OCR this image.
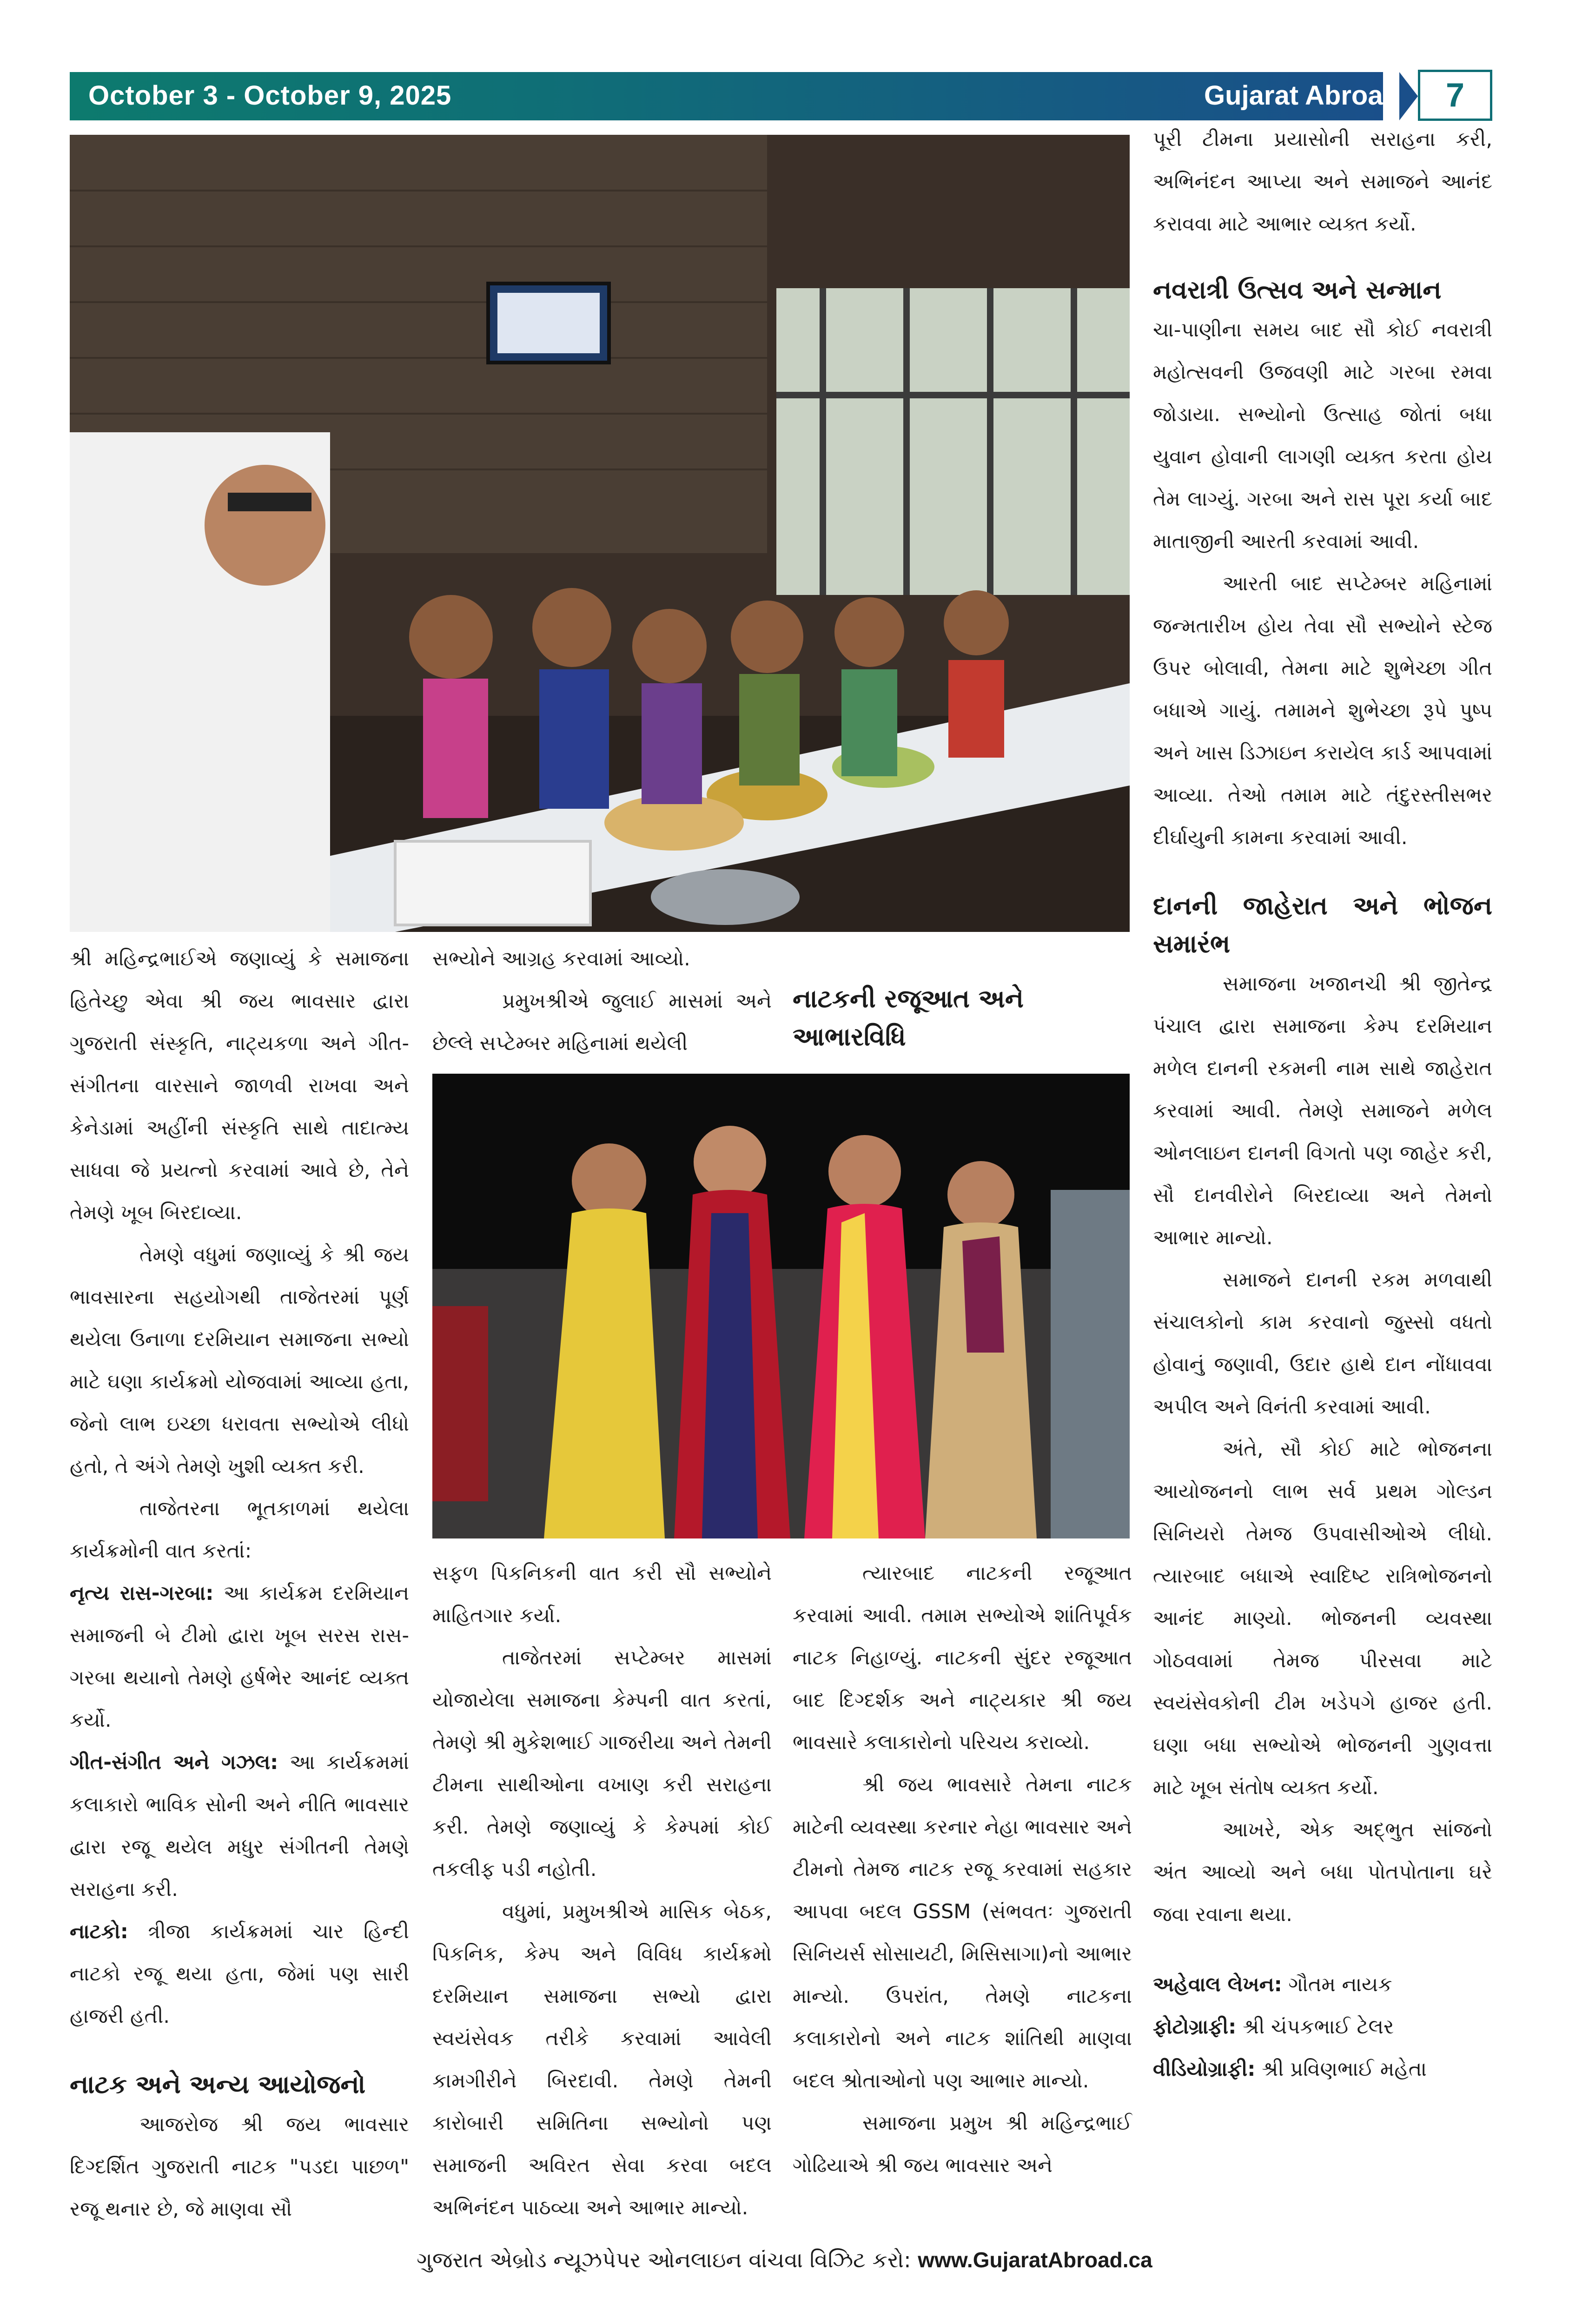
October 3 - October 9, 2025	Gujarat Abroad 7

શ્રી મહિન્દ્રભાઈએ જણાવ્યું કે સમાજના હિતેચ્છુ એવા શ્રી જય ભાવસાર દ્વારા ગુજરાતી સંસ્કૃતિ, નાટ્યકળા અને ગીત-સંગીતના વારસાને જાળવી રાખવા અને કેનેડામાં અહીંની સંસ્કૃતિ સાથે તાદાત્મ્ય સાધવા જે પ્રયત્નો કરવામાં આવે છે, તેને તેમણે ખૂબ બિરદાવ્યા.

તેમણે વધુમાં જણાવ્યું કે શ્રી જય ભાવસારના સહયોગથી તાજેતરમાં પૂર્ણ થયેલા ઉનાળા દરમિયાન સમાજના સભ્યો માટે ઘણા કાર્યક્રમો યોજવામાં આવ્યા હતા, જેનો લાભ ઇચ્છા ધરાવતા સભ્યોએ લીધો હતો, તે અંગે તેમણે ખુશી વ્યક્ત કરી.

તાજેતરના ભૂતકાળમાં થયેલા કાર્યક્રમોની વાત કરતાં:

નૃત્ય રાસ-ગરબા: આ કાર્યક્રમ દરમિયાન સમાજની બે ટીમો દ્વારા ખૂબ સરસ રાસ-ગરબા થયાનો તેમણે હર્ષભેર આનંદ વ્યક્ત કર્યો.

ગીત-સંગીત અને ગઝલ: આ કાર્યક્રમમાં કલાકારો ભાવિક સોની અને નીતિ ભાવસાર દ્વારા રજૂ થયેલ મધુર સંગીતની તેમણે સરાહના કરી.

નાટકો: ત્રીજા કાર્યક્રમમાં ચાર હિન્દી નાટકો રજૂ થયા હતા, જેમાં પણ સારી હાજરી હતી.

નાટક અને અન્ય આયોજનો

આજરોજ શ્રી જય ભાવસાર દિગ્દર્શિત ગુજરાતી નાટક "પડદા પાછળ" રજૂ થનાર છે, જે માણવા સૌ

સભ્યોને આગ્રહ કરવામાં આવ્યો.

પ્રમુખશ્રીએ જુલાઈ માસમાં અને છેલ્લે સપ્ટેમ્બર મહિનામાં થયેલી

નાટકની રજૂઆત અને આભારવિધિ

સફળ પિકનિકની વાત કરી સૌ સભ્યોને માહિતગાર કર્યા.

તાજેતરમાં સપ્ટેમ્બર માસમાં યોજાયેલા સમાજના કેમ્પની વાત કરતાં, તેમણે શ્રી મુકેશભાઈ ગાજરીયા અને તેમની ટીમના સાથીઓના વખાણ કરી સરાહના કરી. તેમણે જણાવ્યું કે કેમ્પમાં કોઈ તકલીફ પડી નહોતી.

વધુમાં, પ્રમુખશ્રીએ માસિક બેઠક, પિકનિક, કેમ્પ અને વિવિધ કાર્યક્રમો દરમિયાન સમાજના સભ્યો દ્વારા સ્વયંસેવક તરીકે કરવામાં આવેલી કામગીરીને બિરદાવી. તેમણે તેમની કારોબારી સમિતિના સભ્યોનો પણ સમાજની અવિરત સેવા કરવા બદલ અભિનંદન પાઠવ્યા અને આભાર માન્યો.

ત્યારબાદ નાટકની રજૂઆત કરવામાં આવી. તમામ સભ્યોએ શાંતિપૂર્વક નાટક નિહાળ્યું. નાટકની સુંદર રજૂઆત બાદ દિગ્દર્શક અને નાટ્યકાર શ્રી જય ભાવસારે કલાકારોનો પરિચય કરાવ્યો.

શ્રી જય ભાવસારે તેમના નાટક માટેની વ્યવસ્થા કરનાર નેહા ભાવસાર અને ટીમનો તેમજ નાટક રજૂ કરવામાં સહકાર આપવા બદલ GSSM (સંભવતઃ ગુજરાતી સિનિયર્સ સોસાયટી, મિસિસાગા)નો આભાર માન્યો. ઉપરાંત, તેમણે નાટકના કલાકારોનો અને નાટક શાંતિથી માણવા બદલ શ્રોતાઓનો પણ આભાર માન્યો.

સમાજના પ્રમુખ શ્રી મહિન્દ્રભાઈ ગોઢિયાએ શ્રી જય ભાવસાર અને

પૂરી ટીમના પ્રયાસોની સરાહના કરી, અભિનંદન આપ્યા અને સમાજને આનંદ કરાવવા માટે આભાર વ્યક્ત કર્યો.

નવરાત્રી ઉત્સવ અને સન્માન

ચા-પાણીના સમય બાદ સૌ કોઈ નવરાત્રી મહોત્સવની ઉજવણી માટે ગરબા રમવા જોડાયા. સભ્યોનો ઉત્સાહ જોતાં બધા યુવાન હોવાની લાગણી વ્યક્ત કરતા હોય તેમ લાગ્યું. ગરબા અને રાસ પૂરા કર્યા બાદ માતાજીની આરતી કરવામાં આવી.

આરતી બાદ સપ્ટેમ્બર મહિનામાં જન્મતારીખ હોય તેવા સૌ સભ્યોને સ્ટેજ ઉપર બોલાવી, તેમના માટે શુભેચ્છા ગીત બધાએ ગાયું. તમામને શુભેચ્છા રૂપે પુષ્પ અને ખાસ ડિઝાઇન કરાયેલ કાર્ડ આપવામાં આવ્યા. તેઓ તમામ માટે તંદુરસ્તીસભર દીર્ઘાયુની કામના કરવામાં આવી.

દાનની જાહેરાત અને ભોજન સમારંભ

સમાજના ખજાનચી શ્રી જીતેન્દ્ર પંચાલ દ્વારા સમાજના કેમ્પ દરમિયાન મળેલ દાનની રકમની નામ સાથે જાહેરાત કરવામાં આવી. તેમણે સમાજને મળેલ ઓનલાઇન દાનની વિગતો પણ જાહેર કરી, સૌ દાનવીરોને બિરદાવ્યા અને તેમનો આભાર માન્યો.

સમાજને દાનની રકમ મળવાથી સંચાલકોનો કામ કરવાનો જુસ્સો વધતો હોવાનું જણાવી, ઉદાર હાથે દાન નોંધાવવા અપીલ અને વિનંતી કરવામાં આવી.

અંતે, સૌ કોઈ માટે ભોજનના આયોજનનો લાભ સર્વ પ્રથમ ગોલ્ડન સિનિયરો તેમજ ઉપવાસીઓએ લીધો. ત્યારબાદ બધાએ સ્વાદિષ્ટ રાત્રિભોજનનો આનંદ માણ્યો. ભોજનની વ્યવસ્થા ગોઠવવામાં તેમજ પીરસવા માટે સ્વયંસેવકોની ટીમ ખડેપગે હાજર હતી. ઘણા બધા સભ્યોએ ભોજનની ગુણવત્તા માટે ખૂબ સંતોષ વ્યક્ત કર્યો.

આખરે, એક અદ્ભુત સાંજનો અંત આવ્યો અને બધા પોતપોતાના ઘરે જવા રવાના થયા.

અહેવાલ લેખન: ગૌતમ નાયક

ફોટોગ્રાફી: શ્રી ચંપકભાઈ ટેલર

વીડિયોગ્રાફી: શ્રી પ્રવિણભાઈ મહેતા

ગુજરાત એબ્રોડ ન્યૂઝપેપર ઓનલાઇન વાંચવા વિઝિટ કરો: www.GujaratAbroad.ca
